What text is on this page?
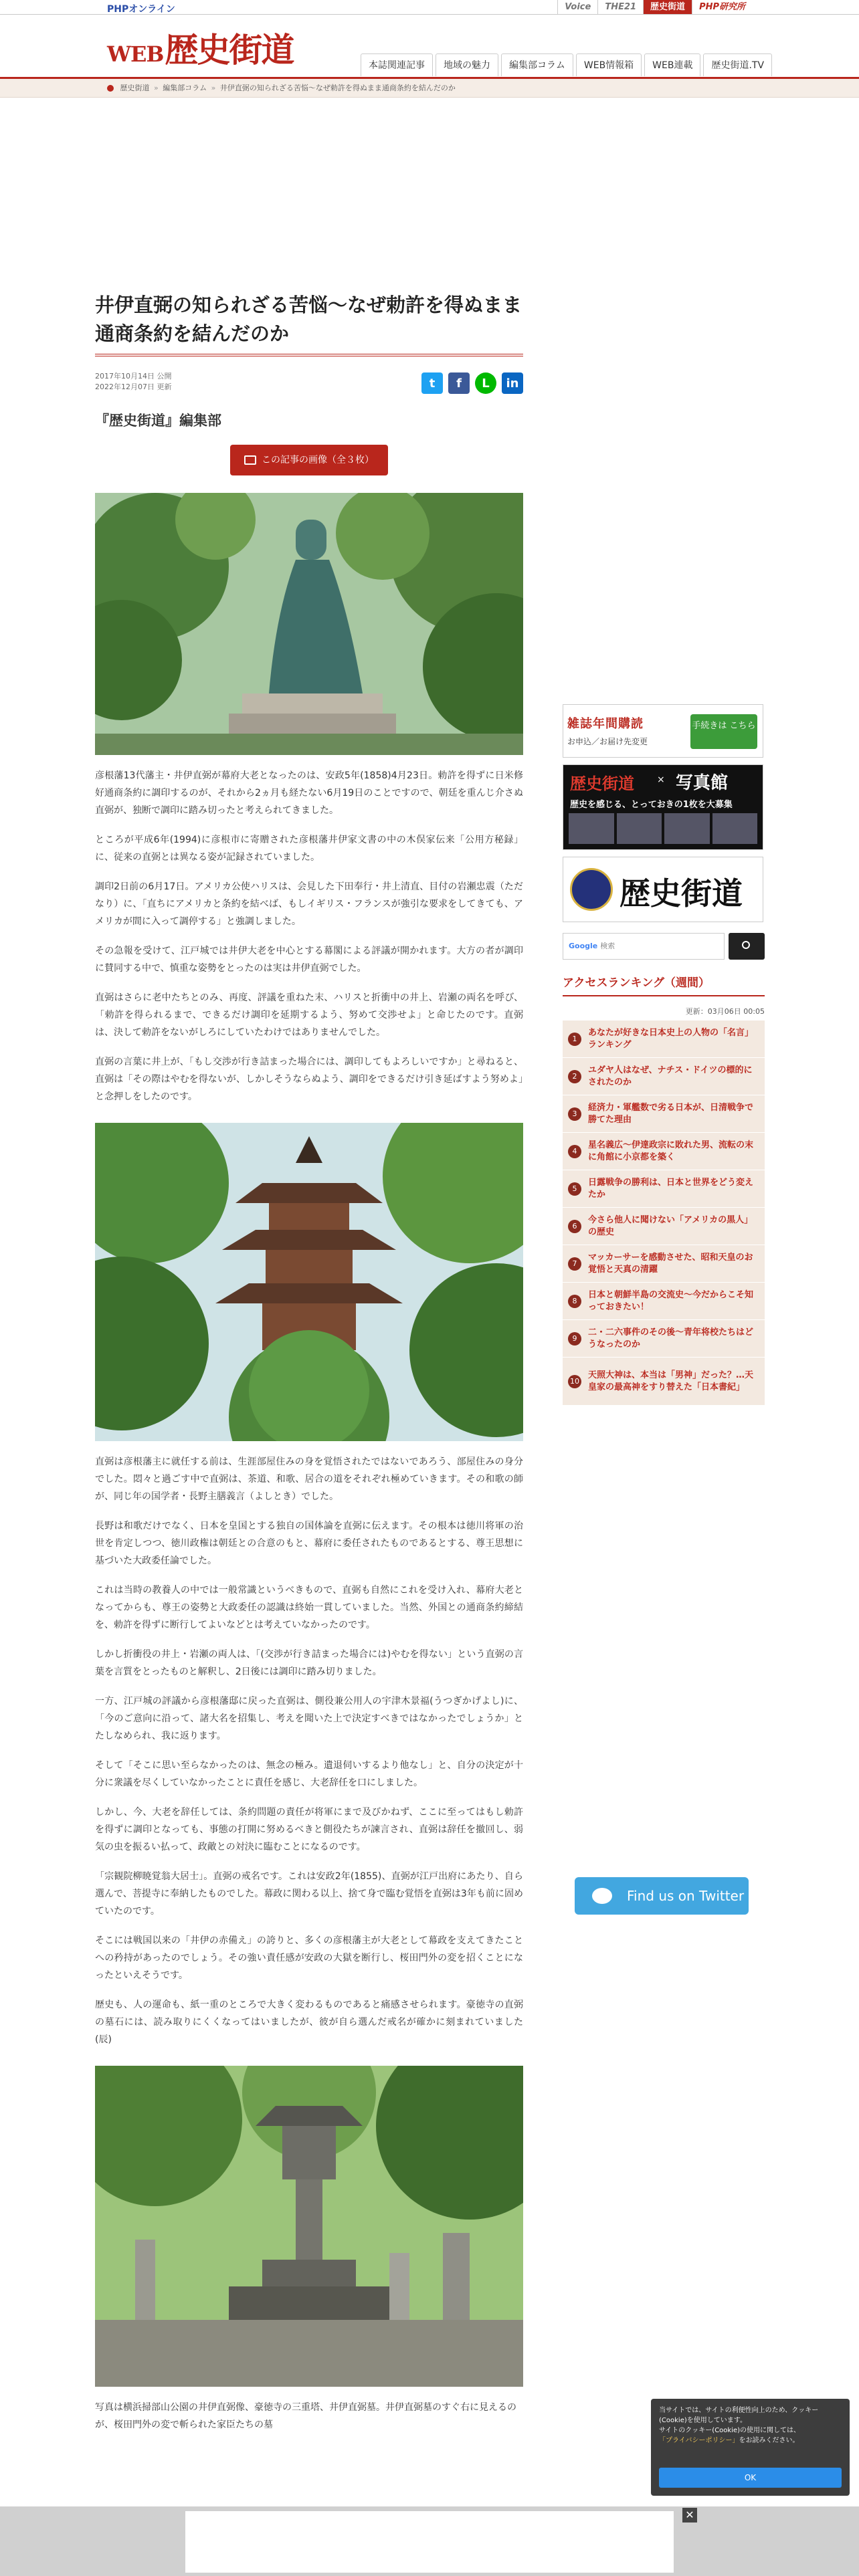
PHPオンライン	Voice	THE21	歴史街道	PHP研究所
WEB 歴史街道	本誌関連記事	地域の魅力	編集部コラム	WEB情報箱	WEB連載	歴史街道.TV
歴史街道 » 編集部コラム » 井伊直弼の知られざる苦悩～なぜ勅許を得ぬまま通商条約を結んだのか
井伊直弼の知られざる苦悩～なぜ勅許を得ぬまま通商条約を結んだのか
2017年10月14日 公開
2022年12月07日 更新	t	f	L	in
『歴史街道』編集部
この記事の画像（全３枚）

彦根藩13代藩主・井伊直弼が幕府大老となったのは、安政5年(1858)4月23日。勅許を得ずに日米修好通商条約に調印するのが、それから2ヵ月も経たない6月19日のことですので、朝廷を重んじ介さぬ直弼が、独断で調印に踏み切ったと考えられてきました。

ところが平成6年(1994)に彦根市に寄贈された彦根藩井伊家文書の中の木俣家伝来「公用方秘録」に、従来の直弼とは異なる姿が記録されていました。

調印2日前の6月17日。アメリカ公使ハリスは、会見した下田奉行・井上清直、目付の岩瀬忠震（ただなり）に、「直ちにアメリカと条約を結べば、もしイギリス・フランスが強引な要求をしてきても、アメリカが間に入って調停する」と強調しました。

その急報を受けて、江戸城では井伊大老を中心とする幕閣による評議が開かれます。大方の者が調印に賛同する中で、慎重な姿勢をとったのは実は井伊直弼でした。

直弼はさらに老中たちとのみ、再度、評議を重ねた末、ハリスと折衝中の井上、岩瀬の両名を呼び、「勅許を得られるまで、できるだけ調印を延期するよう、努めて交渉せよ」と命じたのです。直弼は、決して勅許をないがしろにしていたわけではありませんでした。

直弼の言葉に井上が、「もし交渉が行き詰まった場合には、調印してもよろしいですか」と尋ねると、直弼は「その際はやむを得ないが、しかしそうならぬよう、調印をできるだけ引き延ばすよう努めよ」と念押しをしたのです。

直弼は彦根藩主に就任する前は、生涯部屋住みの身を覚悟されたではないであろう、部屋住みの身分でした。悶々と過ごす中で直弼は、茶道、和歌、居合の道をそれぞれ極めていきます。その和歌の師が、同じ年の国学者・長野主膳義言（よしとき）でした。

長野は和歌だけでなく、日本を皇国とする独自の国体論を直弼に伝えます。その根本は徳川将軍の治世を肯定しつつ、徳川政権は朝廷との合意のもと、幕府に委任されたものであるとする、尊王思想に基づいた大政委任論でした。

これは当時の教養人の中では一般常識というべきもので、直弼も自然にこれを受け入れ、幕府大老となってからも、尊王の姿勢と大政委任の認識は終始一貫していました。当然、外国との通商条約締結を、勅許を得ずに断行してよいなどとは考えていなかったのです。

しかし折衝役の井上・岩瀬の両人は、「(交渉が行き詰まった場合には)やむを得ない」という直弼の言葉を言質をとったものと解釈し、2日後には調印に踏み切りました。

一方、江戸城の評議から彦根藩邸に戻った直弼は、側役兼公用人の宇津木景福(うつぎかげよし)に、「今のご意向に沿って、諸大名を招集し、考えを聞いた上で決定すべきではなかったでしょうか」とたしなめられ、我に返ります。

そして「そこに思い至らなかったのは、無念の極み。遺退伺いするより他なし」と、自分の決定が十分に衆議を尽くしていなかったことに責任を感じ、大老辞任を口にしました。

しかし、今、大老を辞任しては、条約問題の責任が将軍にまで及びかねず、ここに至ってはもし勅許を得ずに調印となっても、事態の打開に努めるべきと側役たちが諫言され、直弼は辞任を撤回し、弱気の虫を振るい払って、政敵との対決に臨むことになるのです。

「宗観院柳暁覚翁大居士」。直弼の戒名です。これは安政2年(1855)、直弼が江戸出府にあたり、自ら選んで、菩提寺に奉納したものでした。幕政に関わる以上、捨て身で臨む覚悟を直弼は3年も前に固めていたのです。

そこには戦国以来の「井伊の赤備え」の誇りと、多くの彦根藩主が大老として幕政を支えてきたことへの矜持があったのでしょう。その強い責任感が安政の大獄を断行し、桜田門外の変を招くことになったといえそうです。

歴史も、人の運命も、紙一重のところで大きく変わるものであると痛感させられます。豪徳寺の直弼の墓石には、読み取りにくくなってはいましたが、彼が自ら選んだ戒名が確かに刻まれていました(辰)

写真は横浜掃部山公園の井伊直弼像、豪徳寺の三重塔、井伊直弼墓。井伊直弼墓のすぐ右に見えるのが、桜田門外の変で斬られた家臣たちの墓

雑誌年間購読
お申込／お届け先変更
手続きは こちら
歴史街道 × 写真館
歴史を感じる、とっておきの1枚を大募集
歴史街道
Google 検索
アクセスランキング（週間）
更新：03月06日 00:05
1
あなたが好きな日本史上の人物の「名言」ランキング
2
ユダヤ人はなぜ、ナチス・ドイツの標的にされたのか
3
経済力・軍艦数で劣る日本が、日清戦争で勝てた理由
4
星名義広～伊達政宗に敗れた男、流転の末に角館に小京都を築く
5
日露戦争の勝利は、日本と世界をどう変えたか
6
今さら他人に聞けない「アメリカの黒人」の歴史
7
マッカーサーを感動させた、昭和天皇のお覚悟と天真の清躍
8
日本と朝鮮半島の交流史～今だからこそ知っておきたい！
9
二・二六事件のその後～青年将校たちはどうなったのか
10
天照大神は、本当は「男神」だった？…天皇家の最高神をすり替えた「日本書紀」
Find us on Twitter
当サイトでは、サイトの利便性向上のため、クッキー(Cookie)を使用しています。
サイトのクッキー(Cookie)の使用に関しては、
「プライバシーポリシー」をお読みください。
OK
✕
